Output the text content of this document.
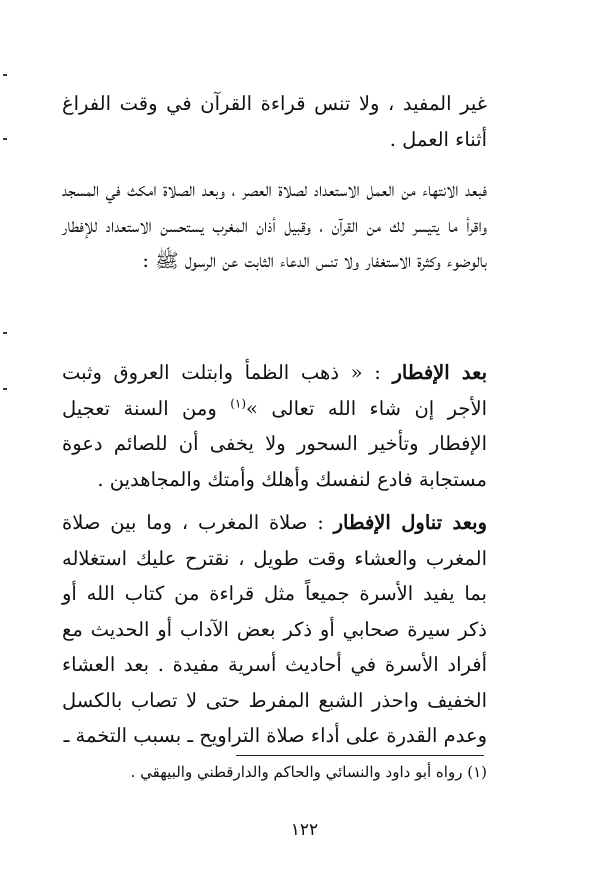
غير المفيد ، ولا تنس قراءة القرآن في وقت الفراغ أثناء العمل .

فبعد الانتهاء من العمل الاستعداد لصلاة العصر ، وبعد الصلاة امكث في المسجد واقرأ ما يتيسر لك من القرآن ، وقبيل أذان المغرب يستحسن الاستعداد للإفطار بالوضوء وكثرة الاستغفار ولا تنس الدعاء الثابت عن الرسول ﷺ :

بعد الإفطار : « ذهب الظمأ وابتلت العروق وثبت الأجر إن شاء الله تعالى »$^{(١)}$ ومن السنة تعجيل الإفطار وتأخير السحور ولا يخفى أن للصائم دعوة مستجابة فادع لنفسك وأهلك وأمتك والمجاهدين .

وبعد تناول الإفطار : صلاة المغرب ، وما بين صلاة المغرب والعشاء وقت طويل ، نقترح عليك استغلاله بما يفيد الأسرة جميعاً مثل قراءة من كتاب الله أو ذكر سيرة صحابي أو ذكر بعض الآداب أو الحديث مع أفراد الأسرة في أحاديث أسرية مفيدة . بعد العشاء الخفيف واحذر الشبع المفرط حتى لا تصاب بالكسل وعدم القدرة على أداء صلاة التراويح ـ بسبب التخمة ـ

(١) رواه أبو داود والنسائي والحاكم والدارقطني والبيهقي .

١٢٢
